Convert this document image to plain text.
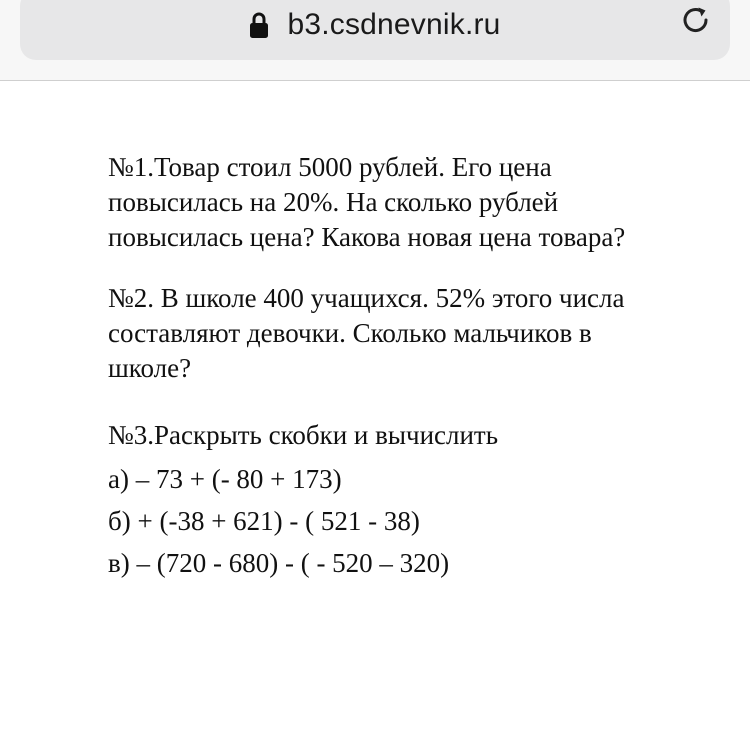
b3.csdnevnik.ru

№1.Товар стоил 5000 рублей. Его цена
повысилась на 20%. На сколько рублей
повысилась цена? Какова новая цена товара?

№2. В школе 400 учащихся. 52% этого числа
составляют девочки. Сколько мальчиков в
школе?

№3.Раскрыть скобки и вычислить
а) – 73 + (- 80 + 173)
б) + (-38 + 621) - ( 521 - 38)
в) – (720 - 680) - ( - 520 – 320)
